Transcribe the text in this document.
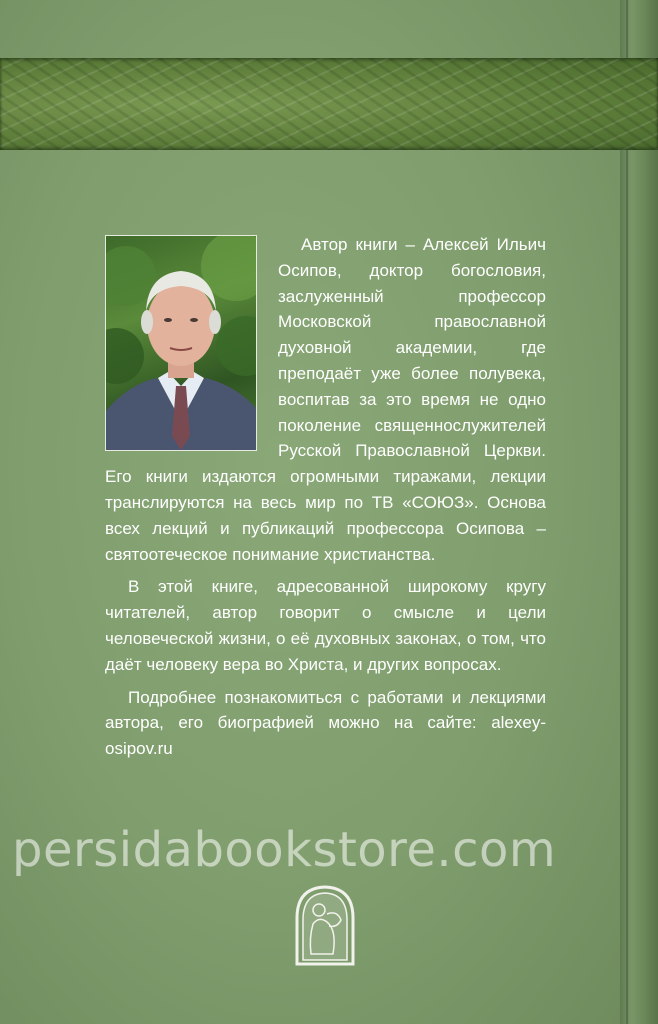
Автор книги – Алексей Ильич Осипов, доктор богословия, заслуженный профессор Московской православной духовной академии, где преподаёт уже более полувека, воспитав за это время не одно поколение священнослужителей Русской Православной Церкви. Его книги издаются огромными тиражами, лекции транслируются на весь мир по ТВ «СОЮЗ». Основа всех лекций и публикаций профессора Осипова – святоотеческое понимание христианства.

В этой книге, адресованной широкому кругу читателей, автор говорит о смысле и цели человеческой жизни, о её духовных законах, о том, что даёт человеку вера во Христа, и других вопросах.

Подробнее познакомиться с работами и лекциями автора, его биографией можно на сайте: alexey-osipov.ru

persidabookstore.com
